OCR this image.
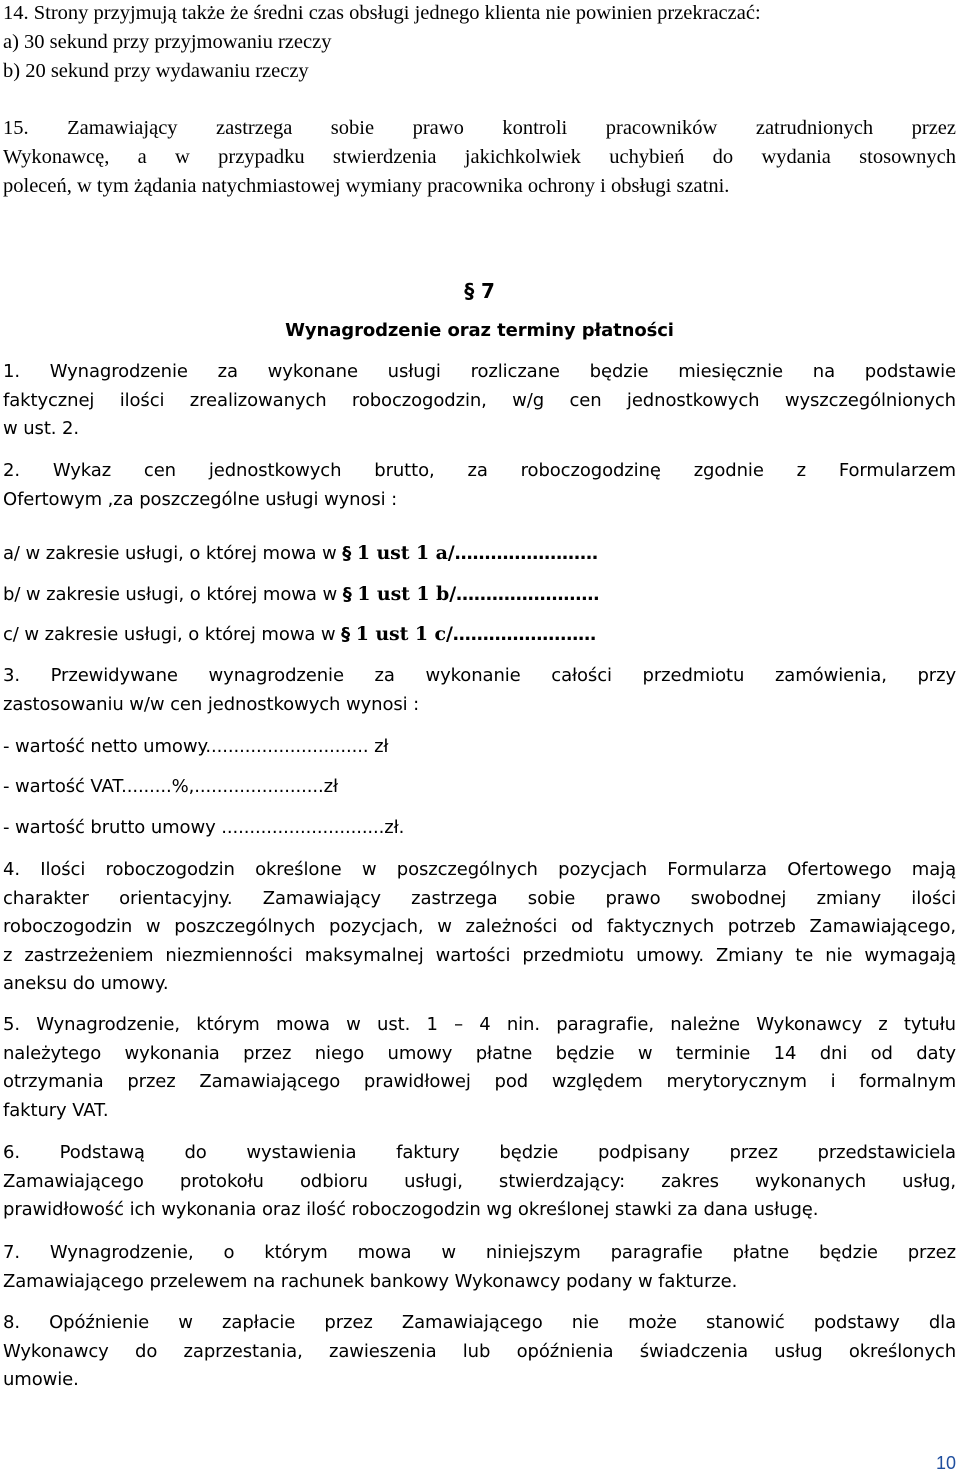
14. Strony przyjmują także że średni czas obsługi jednego klienta nie powinien przekraczać:
a) 30 sekund przy przyjmowaniu rzeczy
b) 20 sekund przy wydawaniu rzeczy
15. Zamawiający zastrzega sobie prawo kontroli pracowników zatrudnionych przez
Wykonawcę, a w przypadku stwierdzenia jakichkolwiek uchybień do wydania stosownych
poleceń, w tym żądania natychmiastowej wymiany pracownika ochrony i obsługi szatni.
§ 7
Wynagrodzenie oraz terminy płatności
1. Wynagrodzenie za wykonane usługi rozliczane będzie miesięcznie na podstawie
faktycznej ilości zrealizowanych roboczogodzin, w/g cen jednostkowych wyszczególnionych
w ust. 2.
2. Wykaz cen jednostkowych brutto, za roboczogodzinę zgodnie z Formularzem
Ofertowym ,za poszczególne usługi wynosi :
a/ w zakresie usługi, o której mowa w § 1 ust 1 a/……………………
b/ w zakresie usługi, o której mowa w § 1 ust 1 b/……………………
c/ w zakresie usługi, o której mowa w § 1 ust 1 c/……………………
3. Przewidywane wynagrodzenie za wykonanie całości przedmiotu zamówienia, przy
zastosowaniu w/w cen jednostkowych wynosi :
- wartość netto umowy............................. zł
- wartość VAT.........%,.......................zł
- wartość brutto umowy .............................zł.
4. Ilości roboczogodzin określone w poszczególnych pozycjach Formularza Ofertowego mają
charakter orientacyjny. Zamawiający zastrzega sobie prawo swobodnej zmiany ilości
roboczogodzin w poszczególnych pozycjach, w zależności od faktycznych potrzeb Zamawiającego,
z zastrzeżeniem niezmienności maksymalnej wartości przedmiotu umowy. Zmiany te nie wymagają
aneksu do umowy.
5. Wynagrodzenie, którym mowa w ust. 1 – 4 nin. paragrafie, należne Wykonawcy z tytułu
należytego wykonania przez niego umowy płatne będzie w terminie 14 dni od daty
otrzymania przez Zamawiającego prawidłowej pod względem merytorycznym i formalnym
faktury VAT.
6. Podstawą do wystawienia faktury będzie podpisany przez przedstawiciela
Zamawiającego protokołu odbioru usługi, stwierdzający: zakres wykonanych usług,
prawidłowość ich wykonania oraz ilość roboczogodzin wg określonej stawki za dana usługę.
7. Wynagrodzenie, o którym mowa w niniejszym paragrafie płatne będzie przez
Zamawiającego przelewem na rachunek bankowy Wykonawcy podany w fakturze.
8. Opóźnienie w zapłacie przez Zamawiającego nie może stanowić podstawy dla
Wykonawcy do zaprzestania, zawieszenia lub opóźnienia świadczenia usług określonych
umowie.
10
